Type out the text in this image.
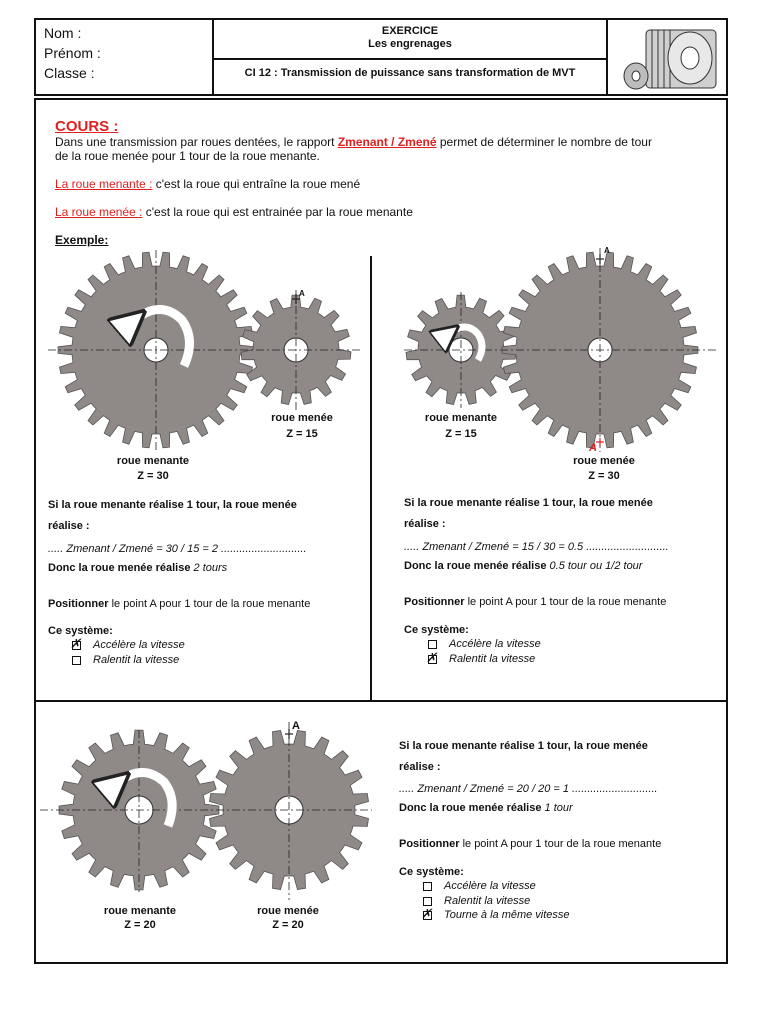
Nom :
Prénom :
Classe :
EXERCICE
Les engrenages
CI 12 : Transmission de puissance sans transformation de MVT
COURS :
Dans une transmission par roues dentées, le rapport Zmenant / Zmené permet de déterminer le nombre de tour
de la roue menée pour 1 tour de la roue menante.
La roue menante : c'est la roue qui entraîne la roue mené
La roue menée : c'est la roue qui est entrainée par la roue menante
Exemple:
A
A
A
A
roue menée
Z = 15
roue menante
Z = 30
Si la roue menante réalise 1 tour, la roue menée
réalise :
..... Zmenant / Zmené = 30 / 15 = 2 ............................
Donc la roue menée réalise 2 tours
Positionner le point A pour 1 tour de la roue menante
Ce système:
✗Accélère la vitesse
Ralentit la vitesse
roue menante
Z = 15
roue menée
Z = 30
Si la roue menante réalise 1 tour, la roue menée
réalise :
..... Zmenant / Zmené = 15 / 30 = 0.5 ...........................
Donc la roue menée réalise 0.5 tour ou 1/2 tour
Positionner le point A pour 1 tour de la roue menante
Ce système:
Accélère la vitesse
✗Ralentit la vitesse
roue menante
Z = 20
roue menée
Z = 20
Si la roue menante réalise 1 tour, la roue menée
réalise :
..... Zmenant / Zmené = 20 / 20 = 1 ............................
Donc la roue menée réalise 1 tour
Positionner le point A pour 1 tour de la roue menante
Ce système:
Accélère la vitesse
Ralentit la vitesse
✗Tourne à la même vitesse
